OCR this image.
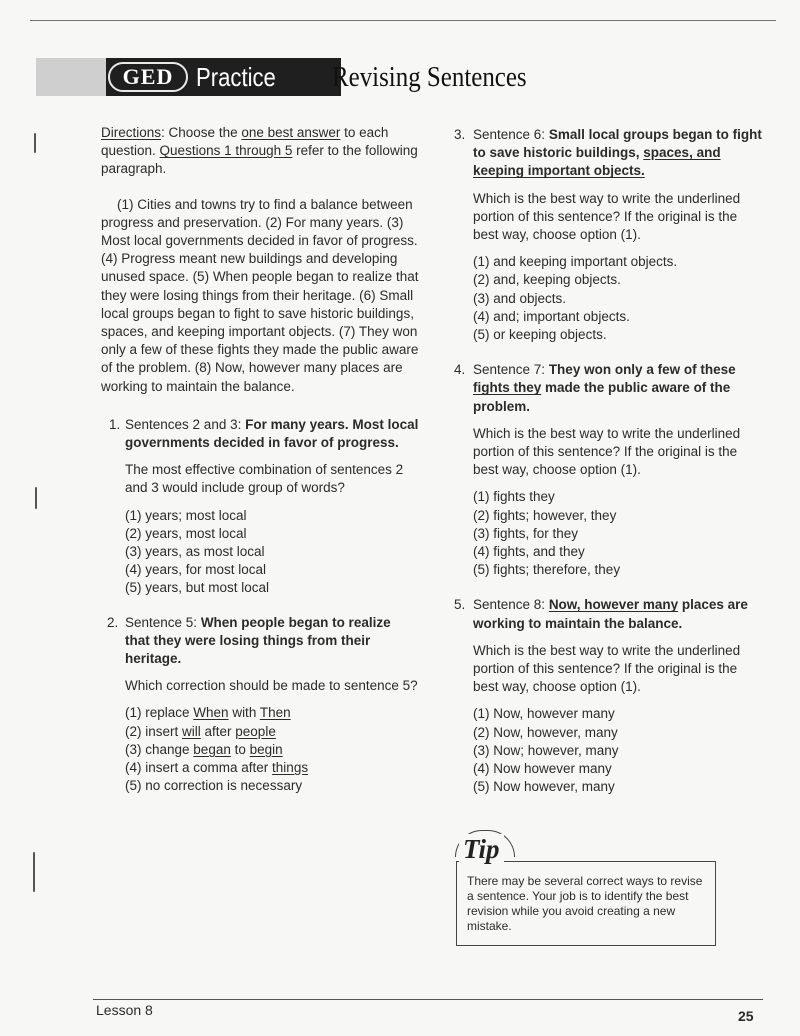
GED Practice Revising Sentences

Directions: Choose the one best answer to each question. Questions 1 through 5 refer to the following paragraph.

(1) Cities and towns try to find a balance between progress and preservation. (2) For many years. (3) Most local governments decided in favor of progress. (4) Progress meant new buildings and developing unused space. (5) When people began to realize that they were losing things from their heritage. (6) Small local groups began to fight to save historic buildings, spaces, and keeping important objects. (7) They won only a few of these fights they made the public aware of the problem. (8) Now, however many places are working to maintain the balance.

1. Sentences 2 and 3: For many years. Most local governments decided in favor of progress.

The most effective combination of sentences 2 and 3 would include group of words?

(1) years; most local
(2) years, most local
(3) years, as most local
(4) years, for most local
(5) years, but most local
2. Sentence 5: When people began to realize that they were losing things from their heritage.

Which correction should be made to sentence 5?

(1) replace When with Then
(2) insert will after people
(3) change began to begin
(4) insert a comma after things
(5) no correction is necessary
3. Sentence 6: Small local groups began to fight to save historic buildings, spaces, and keeping important objects.

Which is the best way to write the underlined portion of this sentence? If the original is the best way, choose option (1).

(1) and keeping important objects.
(2) and, keeping objects.
(3) and objects.
(4) and; important objects.
(5) or keeping objects.
4. Sentence 7: They won only a few of these fights they made the public aware of the problem.

Which is the best way to write the underlined portion of this sentence? If the original is the best way, choose option (1).

(1) fights they
(2) fights; however, they
(3) fights, for they
(4) fights, and they
(5) fights; therefore, they
5. Sentence 8: Now, however many places are working to maintain the balance.

Which is the best way to write the underlined portion of this sentence? If the original is the best way, choose option (1).

(1) Now, however many
(2) Now, however, many
(3) Now; however, many
(4) Now however many
(5) Now however, many
There may be several correct ways to revise a sentence. Your job is to identify the best revision while you avoid creating a new mistake.
Tip
Lesson 8	25
